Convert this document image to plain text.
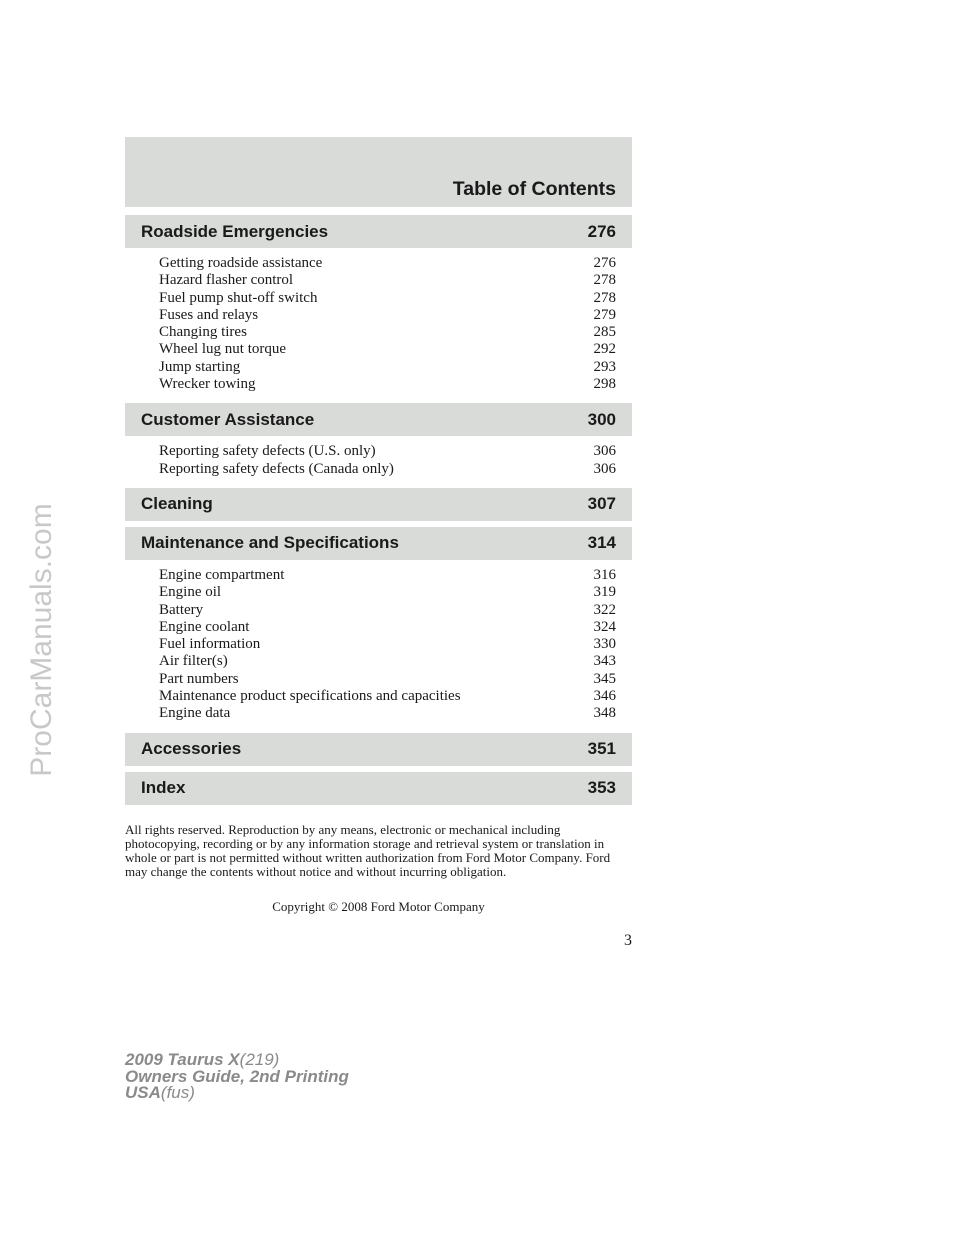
ProCarManuals.com
Table of Contents
Roadside Emergencies	276
Getting roadside assistance	276
Hazard flasher control	278
Fuel pump shut-off switch	278
Fuses and relays	279
Changing tires	285
Wheel lug nut torque	292
Jump starting	293
Wrecker towing	298
Customer Assistance	300
Reporting safety defects (U.S. only)	306
Reporting safety defects (Canada only)	306
Cleaning	307
Maintenance and Specifications	314
Engine compartment	316
Engine oil	319
Battery	322
Engine coolant	324
Fuel information	330
Air filter(s)	343
Part numbers	345
Maintenance product specifications and capacities	346
Engine data	348
Accessories	351
Index	353
All rights reserved. Reproduction by any means, electronic or mechanical including photocopying, recording or by any information storage and retrieval system or translation in whole or part is not permitted without written authorization from Ford Motor Company. Ford may change the contents without notice and without incurring obligation.
Copyright © 2008 Ford Motor Company
3
2009 Taurus X(219)
Owners Guide, 2nd Printing
USA(fus)
